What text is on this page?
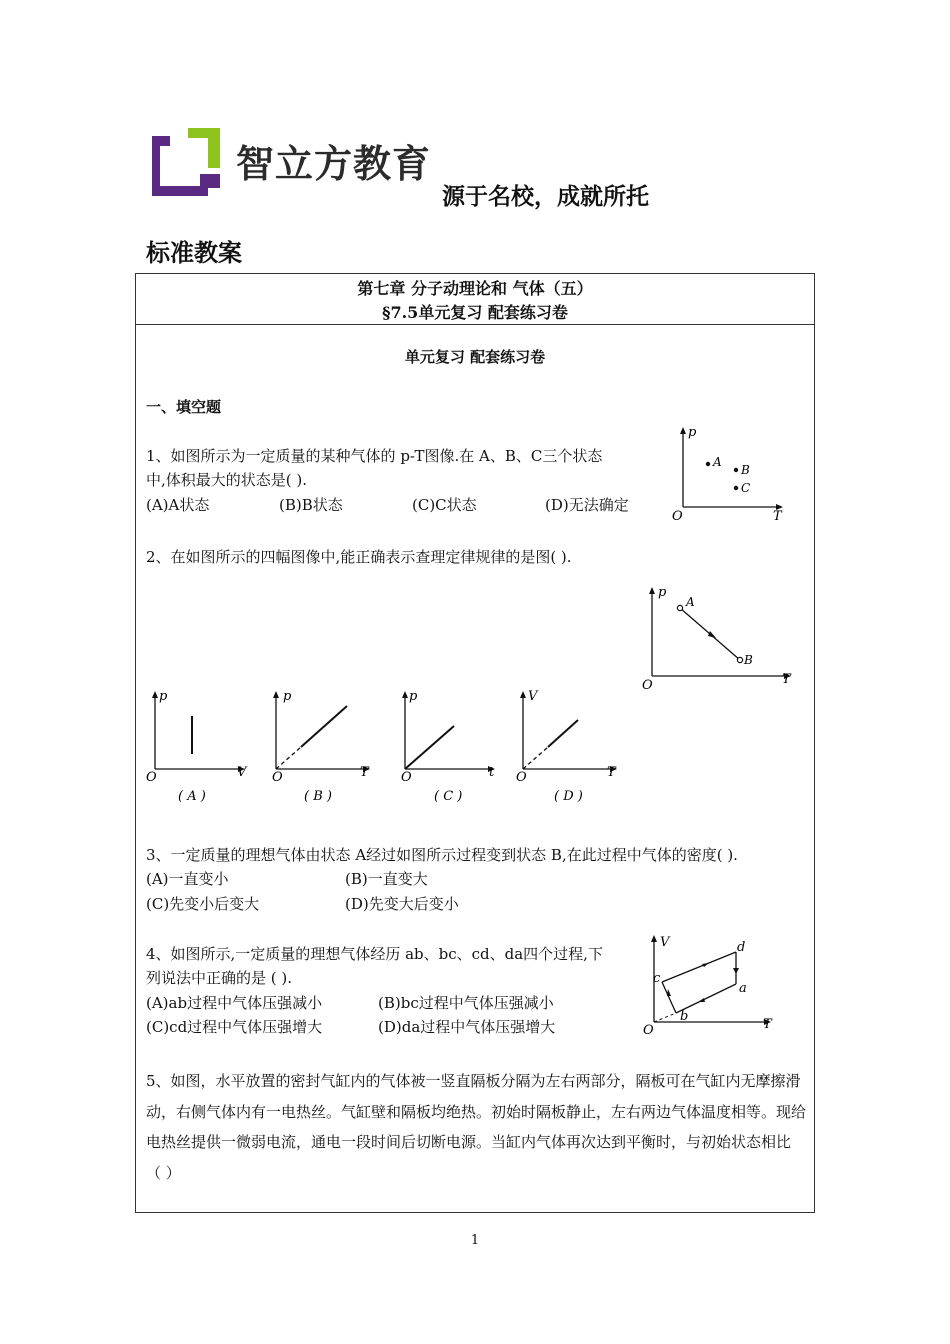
智立方教育
源于名校，成就所托
标准教案
第七章 分子动理论和 气体（五）
§7.5单元复习 配套练习卷
单元复习 配套练习卷
一、填空题
1、如图所示为一定质量的某种气体的 p-T图像.在 A、B、C三个状态
中,体积最大的状态是( ).
(A)A状态	(B)B状态	(C)C状态	(D)无法确定
p
T
O
A
B
C
2、在如图所示的四幅图像中,能正确表示查理定律规律的是图( ).
p
T
O
A
B
p
V
O
( A )
p
T
O
( B )
p
t
O
( C )
V
T
O
( D )
3、一定质量的理想气体由状态 A经过如图所示过程变到状态 B,在此过程中气体的密度( ).
(A)一直变小	(B)一直变大
(C)先变小后变大	(D)先变大后变小
4、如图所示,一定质量的理想气体经历 ab、bc、cd、da四个过程,下
列说法中正确的是 ( ).
(A)ab过程中气体压强减小	(B)bc过程中气体压强减小
(C)cd过程中气体压强增大	(D)da过程中气体压强增大
V
T
O
a
b
c
d
5、如图，水平放置的密封气缸内的气体被一竖直隔板分隔为左右两部分，隔板可在气缸内无摩擦滑动，右侧气体内有一电热丝。气缸壁和隔板均绝热。初始时隔板静止，左右两边气体温度相等。现给电热丝提供一微弱电流，通电一段时间后切断电源。当缸内气体再次达到平衡时，与初始状态相比 （ ）
1
